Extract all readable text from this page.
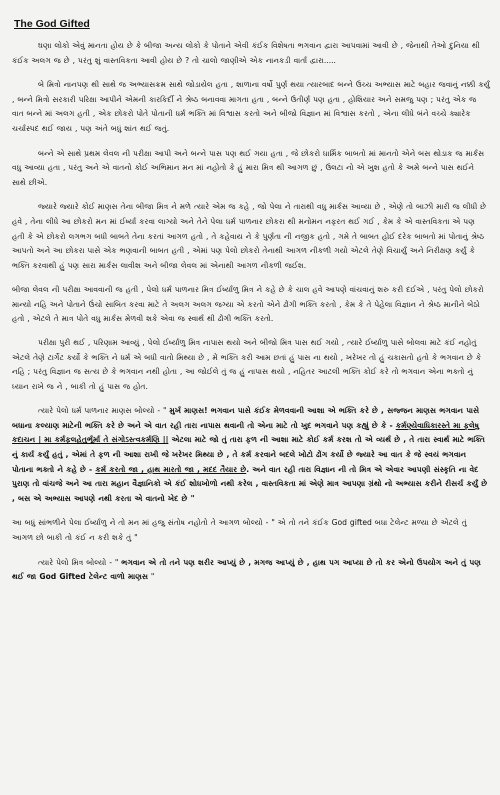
The God Gifted

ઘણા લોકો એવું માનતા હોય છે કે બીજા અન્ય લોકો કે પોતાને એવી કંઈક વિશેષતા ભગવાન દ્વારા આપવામાં આવી છે , જેનાથી તેઓ દુનિયા થી કંઈક અલગ જ છે , પરંતુ શું વાસ્તવિકતા આવી હોય છે ? તો ચાલો જાણીએ એક નાનકડી વાર્તા દ્વારા.....

બે મિત્રો નાનપણ થી સાથે જ અભ્યાસક્રમ સાથે જોડાયેલ હતા , શાળાના વર્ષો પુર્ણ થયા ત્યારબાદ બન્ને ઉચ્ચ અભ્યાસ માટે બહાર જવાનું નક્કી કર્યું , બન્ને મિત્રો સરકારી પરિક્ષા આપીને એમની કારકિર્દી ને શ્રેષ્ઠ બનાવવા માગતા હતા , બન્ને ઉતીર્ણ પણ હતા , હોશિયાર અને સમજુ પણ ; પરંતુ એક જ વાત બન્ને માં અલગ હતી , એક છોકરો પોતે પોતાની ધર્મ ભક્તિ માં વિશ્વાસ કરતો અને બીજો વિજ્ઞાન માં વિશ્વાસ કરતો , એના લીધે બંને વચ્ચે ક્યારેક ચર્ચાસ્પદ થઈ જાય , પણ અંતે બધું શાંત થઈ જતું.

બન્ને એ સાથે પ્રથમ લેવલ ની પરીક્ષા આપી અને બન્ને પાસ પણ થઈ ગયા હતા , જે છોકરો ધાર્મિક બાબતો માં માનતો એને બસ થોડાક જ માર્કસ વધુ આવ્યા હતા , પરંતુ અને એ વાતનો કોઈ અભિમાન મન માં નહોતો કે હું મારા મિત્ર થી આગળ છું , ઉલટા નો એ ખુશ હતો કે અમે બન્ને પાસ થઈને સાથે છીએ.

જ્યારે જ્યારે કોઈ માણસ તેના બીજા મિત્ર ને મળે ત્યારે એમ જ કહે , જો પેલા ને તારાથી વધુ માર્કસ આવ્યા છે , એણે તો બાઝી મારી જ લીધી છે હવે , તેના લીધે આ છોકરો મન માં ઈર્ષ્યા કરવા લાગ્યો અને તેને પેલા ધર્મ પાળનાર છોકરા થી મનોમન નફરત થઈ ગઈ , કેમ કે એ વાસ્તવિકતા એ પણ હતી કે એ છોકરો લગભગ બધી બાબતે તેના કરતાં આગળ હતો , તે કહેવાય ને કે પુર્ણતા ની નજીક હતો , ગમે તે બાબત હોઈ દરેક બાબતો માં પોતાનું શ્રેષ્ઠ આપતો અને આ છોકરા પાસે એક ભણવાની બાબત હતી , એમાં પણ પેલો છોકરો તેનાથી આગળ નીકળી ગયો એટલે તેણે વિચાર્યું અને નિરીક્ષણ કર્યું કે ભક્તિ કરવાથી હું પણ સારા માર્કસ લાવીશ અને બીજા લેવલ માં એનાથી આગળ નીકળી જઈશ.

બીજા લેવલ ની પરીક્ષા આવવાની જ હતી , પેલો ધર્મ પાળનાર મિત્ર ઈર્ષ્યાળુ મિત્ર ને કહે છે કે ચાલ હવે આપણે વાંચવાનું શરુ કરી દઈએ , પરંતુ પેલો છોકરો માન્યો નહિ અને પોતાને ઉંચો સાબિત કરવા માટે તે અલગ અલગ જગ્યા એ કરતો એને ઢોંગી ભક્તિ કરતો , કેમ કે તે પેહેલા વિજ્ઞાન ને શ્રેષ્ઠ માનીને બેઠો હતો , એટલે તે માત્ર પોતે વધુ માર્કસ મેળવી શકે એવા જ સ્વાર્થ થી ઢોંગી ભક્તિ કરતો.

પરીક્ષા પુરી થઈ , પરિણામ આવ્યું , પેલો ઈર્ષ્યાળુ મિત્ર નાપાસ થયો અને બીજો મિત્ર પાસ થઈ ગયો , ત્યારે ઈર્ષ્યાળુ પાસે બોલવા માટે કંઈ નહોતું એટલે તેણે ટાર્ગેટ કર્યો કે ભક્તિ ને ધર્મ એ બધી વાતો મિથ્યા છે , મેં ભક્તિ કરી આમ છતાં હું પાસ ના થયો , ખરેખર તો હું ચકાસતો હતો કે ભગવાન છે કે નહિ ; પરંતુ વિજ્ઞાન જ સત્ય છે કે ભગવાન નથી હોતા , આ જોઈલે તું જ હું નાપાસ થયો , નહિતર આટલી ભક્તિ કોઈ કરે તો ભગવાન એના ભક્તો નું ધ્યાન રાખે જ ને , બાકી તો હું પાસ જ હોત.

ત્યારે પેલો ધર્મ પાળનાર માણસ બોલ્યો - " મુર્ખ માણસ! ભગવાન પાસે કંઈક મેળવવાની આશા એ ભક્તિ કરે છે , સજ્જન માણસ ભગવાન પાસે બધાના કલ્યાણ માટેની ભક્તિ કરે છે અને એ વાત રહી તારા નાપાસ થવાની તો એના માટે તો ખુદ ભગવાને પણ કહ્યું છે કે - કર્મણ્યેવાધિકારસ્તે મા ફલેષુ કદાચન | મા કર્મફલહેતુર્ભૂર્મા તે સંગોઽસ્ત્વકર્મણિ || એટલા માટે જો તું તારા ફળ ની આશા માટે કોઈ કર્મ કરશ તો એ વ્યર્થ છે , તે તારા સ્વાર્થ માટે ભક્તિ નું કાર્ય કર્યું હતું , એમાં તે ફળ ની આશા રાખી જે ખરેખર મિથ્યા છે , તે કર્મ કરવાને બદલે ખોટો ઢોંગ કર્યો છે જ્યારે આ વાત કે જે સ્વયં ભગવાન પોતાના ભક્તો ને કહે છે - કર્મ કરતો જા , હાથ મારતો જા , મદદ તૈયાર છે. અને વાત રહી તારા વિજ્ઞાન ની તો મિત્ર એ એવાર આપણી સંસ્કૃતિ ના વેદ પુરાણ તો વાંચજે અને આ તારા મહાન વૈજ્ઞાનિકો એ કંઈ શોધખોળો નથી કરેલ , વાસ્તવિકતા માં એણે માત્ર આપણા ગ્રંથો નો અભ્યાસ કરીને રીસર્ચ કર્યું છે , બસ એ અભ્યાસ આપણે નથી કરતા એ વાતનો ખેદ છે "

આ બધું સાંભળીને પેલા ઈર્ષ્યાળુ ને તો મન માં હજુ સંતોષ નહોતો તે આગળ બોલ્યો - " એ તો તને કંઈક God gifted બધા ટેલેન્ટ મળ્યા છે એટલે તું આગળ છો બાકી તો કંઈ ન કરી શકે તું "

ત્યારે પેલો મિત્ર બોલ્યો - " ભગવાન એ તો તને પણ શરીર આપ્યું છે , મગજ આપ્યું છે , હાથ પગ આપ્યા છે તો કર એનો ઉપયોગ અને તું પણ થઈ જા God Gifted ટેલેન્ટ વાળો માણસ "
